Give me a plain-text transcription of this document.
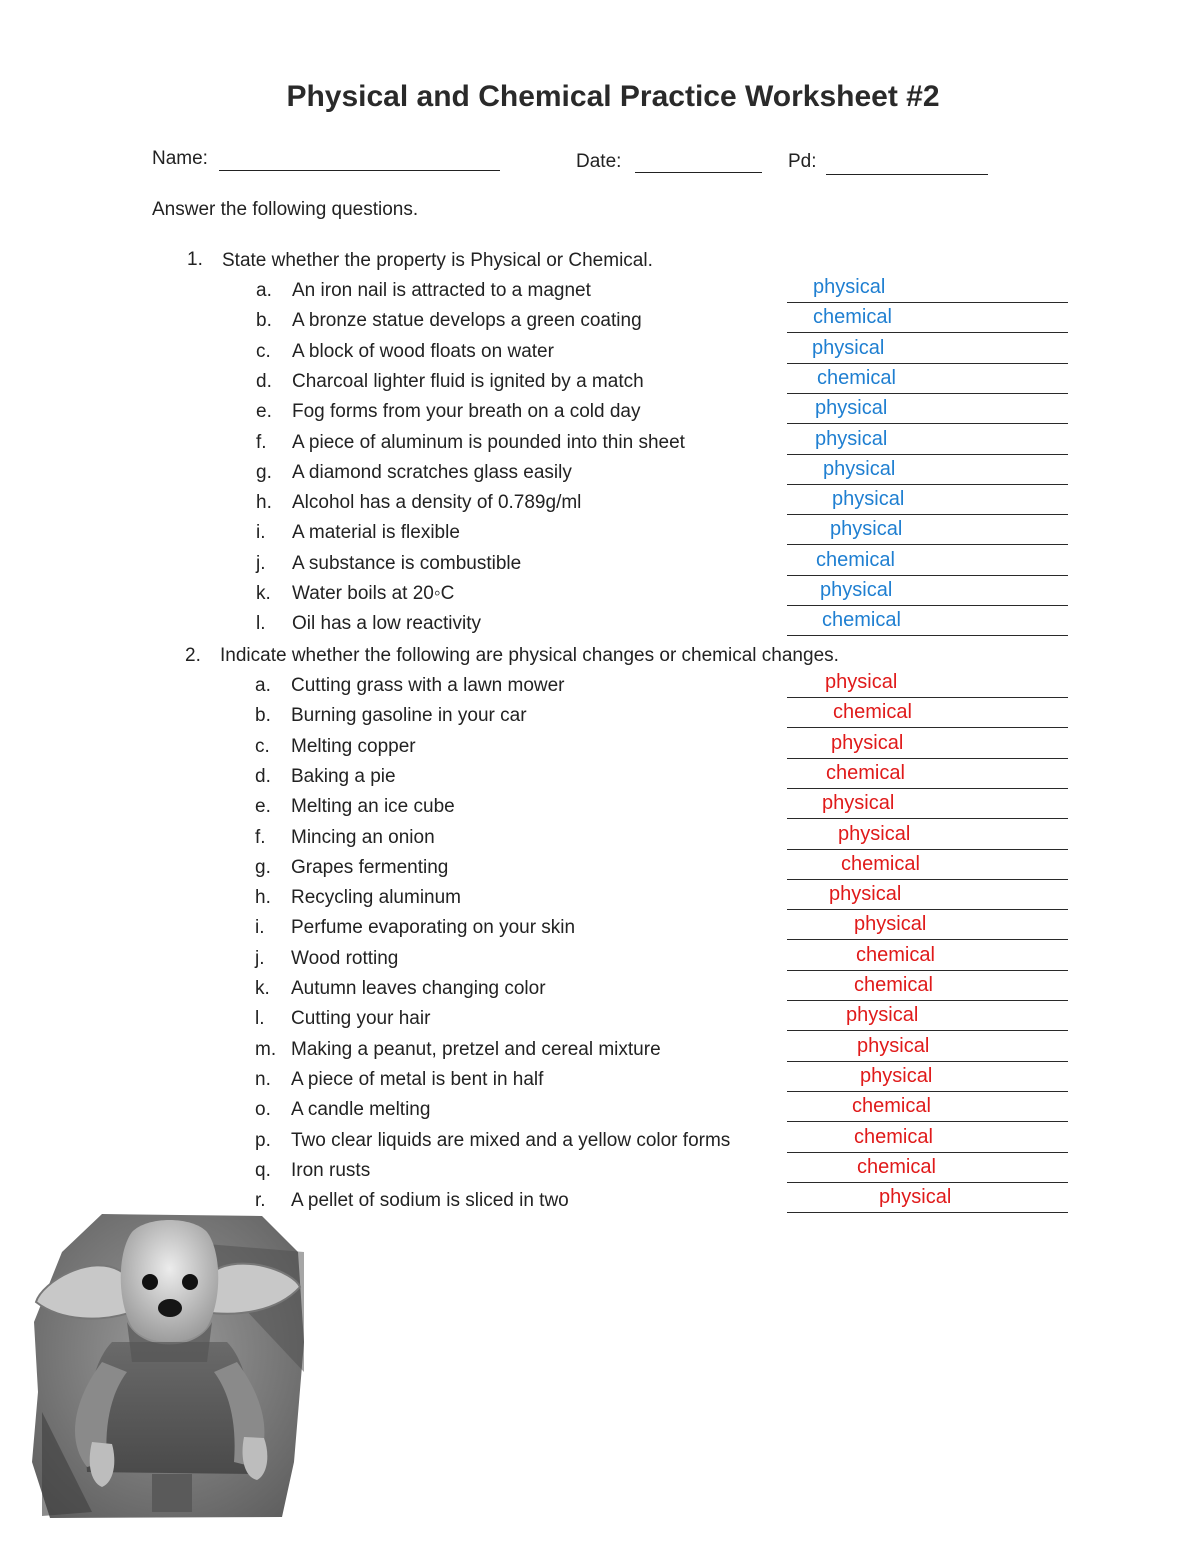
Physical and Chemical Practice Worksheet #2
Name:	Date:	Pd:
Answer the following questions.
1. State whether the property is Physical or Chemical.
a.	An iron nail is attracted to a magnet	physical
b.	A bronze statue develops a green coating	chemical
c.	A block of wood floats on water	physical
d.	Charcoal lighter fluid is ignited by a match	chemical
e.	Fog forms from your breath on a cold day	physical
f.	A piece of aluminum is pounded into thin sheet	physical
g.	A diamond scratches glass easily	physical
h.	Alcohol has a density of 0.789g/ml	physical
i.	A material is flexible	physical
j.	A substance is combustible	chemical
k.	Water boils at 20◦C	physical
l.	Oil has a low reactivity	chemical
2. Indicate whether the following are physical changes or chemical changes.
a.	Cutting grass with a lawn mower	physical
b.	Burning gasoline in your car	chemical
c.	Melting copper	physical
d.	Baking a pie	chemical
e.	Melting an ice cube	physical
f.	Mincing an onion	physical
g.	Grapes fermenting	chemical
h.	Recycling aluminum	physical
i.	Perfume evaporating on your skin	physical
j.	Wood rotting	chemical
k.	Autumn leaves changing color	chemical
l.	Cutting your hair	physical
m. Making a peanut, pretzel and cereal mixture	physical
n.	A piece of metal is bent in half	physical
o.	A candle melting	chemical
p.	Two clear liquids are mixed and a yellow color forms	chemical
q.	Iron rusts	chemical
r.	A pellet of sodium is sliced in two	physical
